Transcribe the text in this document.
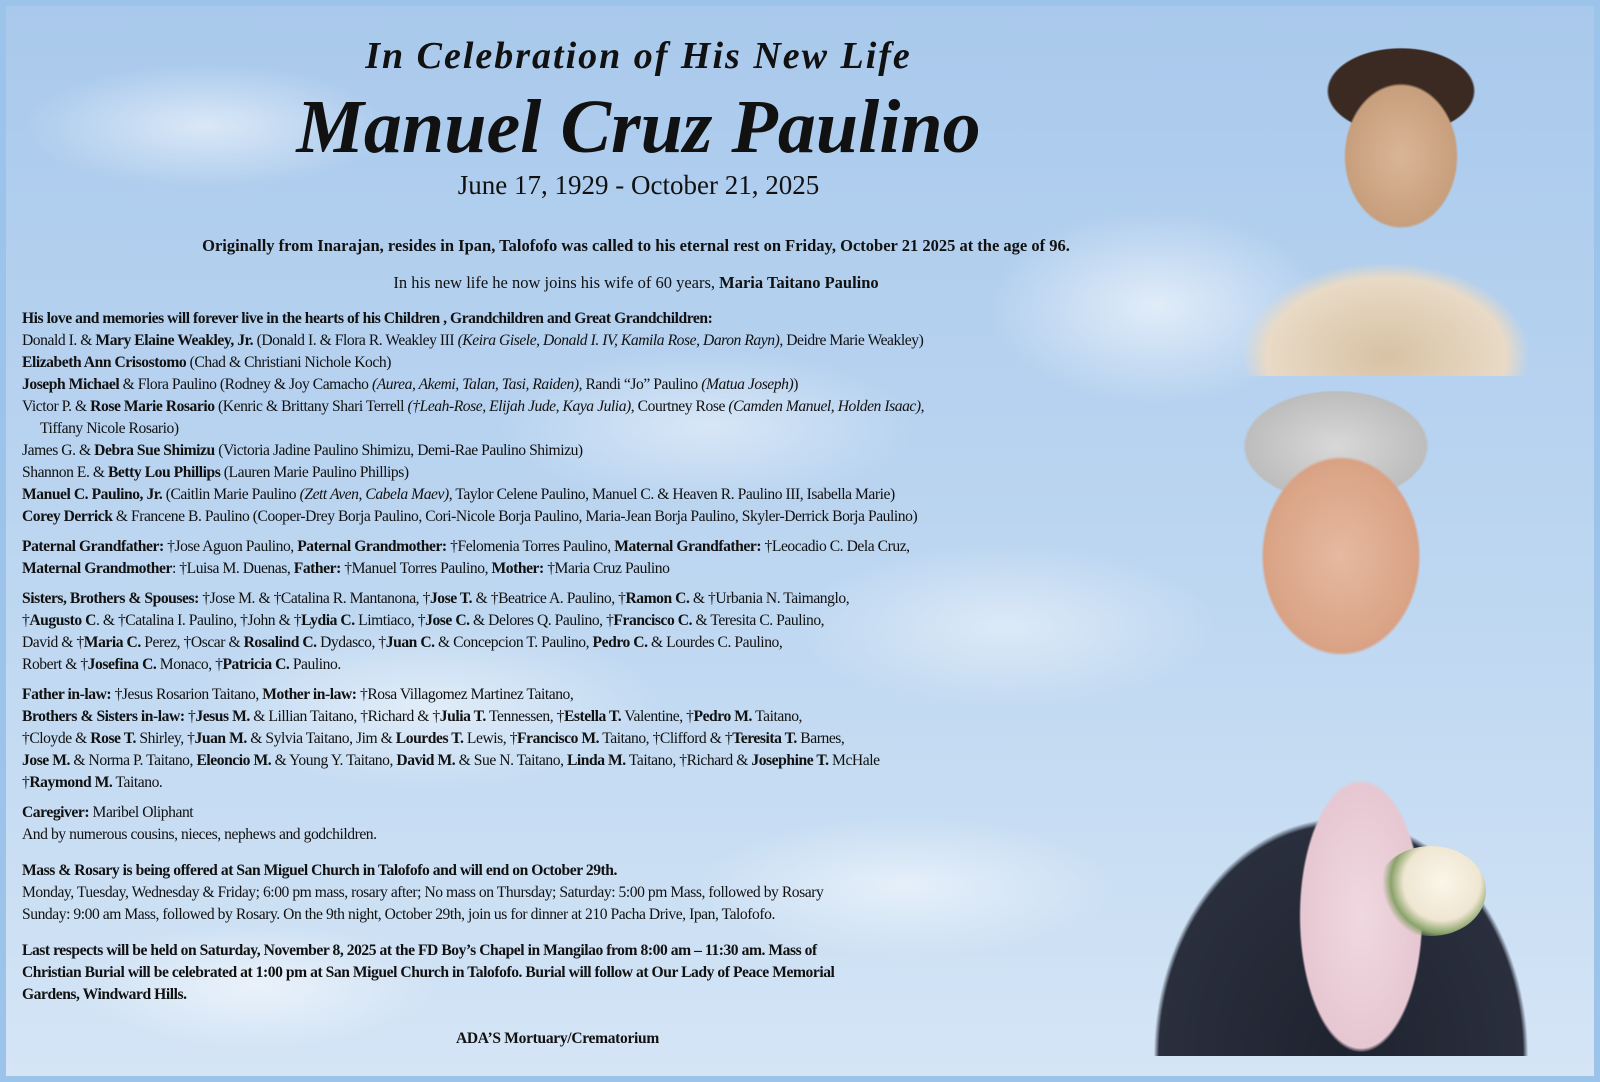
In Celebration of His New Life
Manuel Cruz Paulino
June 17, 1929 - October 21, 2025
Originally from Inarajan, resides in Ipan, Talofofo was called to his eternal rest on Friday, October 21 2025 at the age of 96.
In his new life he now joins his wife of 60 years, Maria Taitano Paulino
His love and memories will forever live in the hearts of his Children , Grandchildren and Great Grandchildren:
Donald I. & Mary Elaine Weakley, Jr. (Donald I. & Flora R. Weakley III (Keira Gisele, Donald I. IV, Kamila Rose, Daron Rayn), Deidre Marie Weakley)
Elizabeth Ann Crisostomo (Chad & Christiani Nichole Koch)
Joseph Michael & Flora Paulino (Rodney & Joy Camacho (Aurea, Akemi, Talan, Tasi, Raiden), Randi “Jo” Paulino (Matua Joseph))
Victor P. & Rose Marie Rosario (Kenric & Brittany Shari Terrell (†Leah-Rose, Elijah Jude, Kaya Julia), Courtney Rose (Camden Manuel, Holden Isaac),
Tiffany Nicole Rosario)
James G. & Debra Sue Shimizu (Victoria Jadine Paulino Shimizu, Demi-Rae Paulino Shimizu)
Shannon E. & Betty Lou Phillips (Lauren Marie Paulino Phillips)
Manuel C. Paulino, Jr. (Caitlin Marie Paulino (Zett Aven, Cabela Maev), Taylor Celene Paulino, Manuel C. & Heaven R. Paulino III, Isabella Marie)
Corey Derrick & Francene B. Paulino (Cooper-Drey Borja Paulino, Cori-Nicole Borja Paulino, Maria-Jean Borja Paulino, Skyler-Derrick Borja Paulino)
Paternal Grandfather: †Jose Aguon Paulino, Paternal Grandmother: †Felomenia Torres Paulino, Maternal Grandfather: †Leocadio C. Dela Cruz,
Maternal Grandmother: †Luisa M. Duenas, Father: †Manuel Torres Paulino, Mother: †Maria Cruz Paulino
Sisters, Brothers & Spouses: †Jose M. & †Catalina R. Mantanona, †Jose T. & †Beatrice A. Paulino, †Ramon C. & †Urbania N. Taimanglo,
†Augusto C. & †Catalina I. Paulino, †John & †Lydia C. Limtiaco, †Jose C. & Delores Q. Paulino, †Francisco C. & Teresita C. Paulino,
David & †Maria C. Perez, †Oscar & Rosalind C. Dydasco, †Juan C. & Concepcion T. Paulino, Pedro C. & Lourdes C. Paulino,
Robert & †Josefina C. Monaco, †Patricia C. Paulino.
Father in-law: †Jesus Rosarion Taitano, Mother in-law: †Rosa Villagomez Martinez Taitano,
Brothers & Sisters in-law: †Jesus M. & Lillian Taitano, †Richard & †Julia T. Tennessen, †Estella T. Valentine, †Pedro M. Taitano,
†Cloyde & Rose T. Shirley, †Juan M. & Sylvia Taitano, Jim & Lourdes T. Lewis, †Francisco M. Taitano, †Clifford & †Teresita T. Barnes,
Jose M. & Norma P. Taitano, Eleoncio M. & Young Y. Taitano, David M. & Sue N. Taitano, Linda M. Taitano, †Richard & Josephine T. McHale
†Raymond M. Taitano.
Caregiver: Maribel Oliphant
And by numerous cousins, nieces, nephews and godchildren.
Mass & Rosary is being offered at San Miguel Church in Talofofo and will end on October 29th.
Monday, Tuesday, Wednesday & Friday; 6:00 pm mass, rosary after; No mass on Thursday; Saturday: 5:00 pm Mass, followed by Rosary
Sunday: 9:00 am Mass, followed by Rosary. On the 9th night, October 29th, join us for dinner at 210 Pacha Drive, Ipan, Talofofo.
Last respects will be held on Saturday, November 8, 2025 at the FD Boy’s Chapel in Mangilao from 8:00 am – 11:30 am. Mass of
Christian Burial will be celebrated at 1:00 pm at San Miguel Church in Talofofo. Burial will follow at Our Lady of Peace Memorial
Gardens, Windward Hills.
ADA’S Mortuary/Crematorium
